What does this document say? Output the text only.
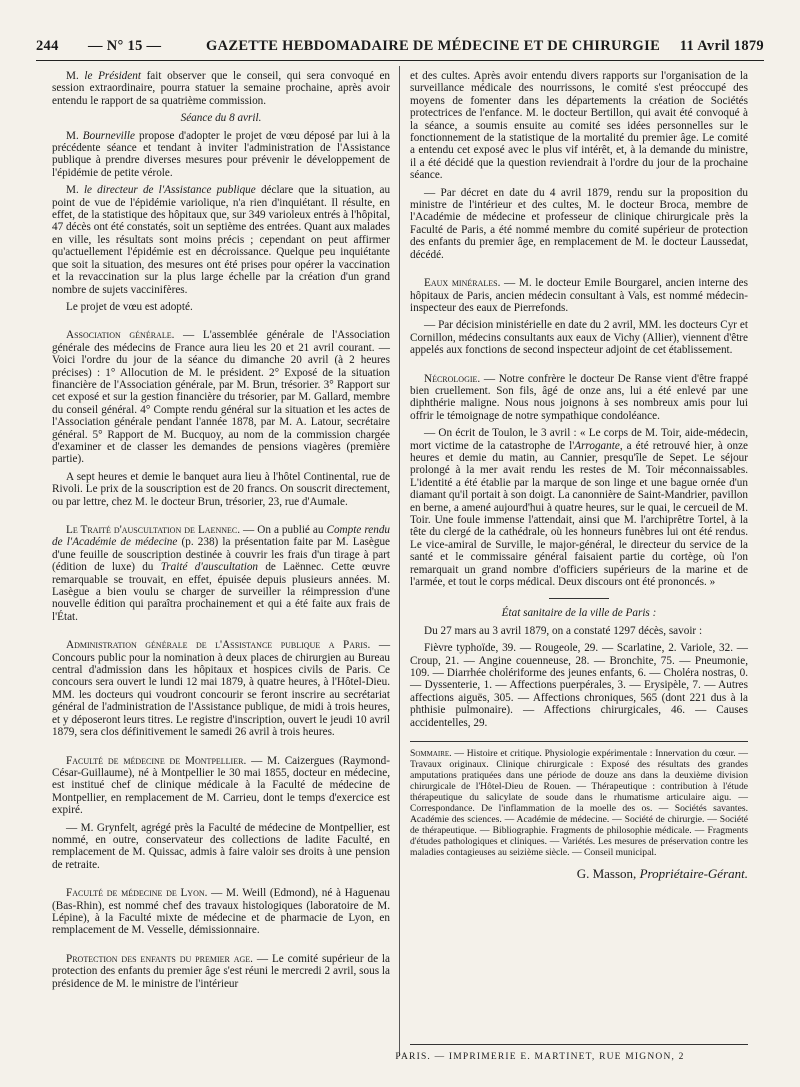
244 — N° 15 —	GAZETTE HEBDOMADAIRE DE MÉDECINE ET DE CHIRURGIE 11 Avril 1879

M. le Président fait observer que le conseil, qui sera convoqué en session extraordinaire, pourra statuer la semaine prochaine, après avoir entendu le rapport de sa quatrième commission.

Séance du 8 avril.

M. Bourneville propose d'adopter le projet de vœu déposé par lui à la précédente séance et tendant à inviter l'administration de l'Assistance publique à prendre diverses mesures pour prévenir le développement de l'épidémie de petite vérole.

M. le directeur de l'Assistance publique déclare que la situation, au point de vue de l'épidémie variolique, n'a rien d'inquiétant. Il résulte, en effet, de la statistique des hôpitaux que, sur 349 varioleux entrés à l'hôpital, 47 décès ont été constatés, soit un septième des entrées. Quant aux malades en ville, les résultats sont moins précis ; cependant on peut affirmer qu'actuellement l'épidémie est en décroissance. Quelque peu inquiétante que soit la situation, des mesures ont été prises pour opérer la vaccination et la revaccination sur la plus large échelle par la création d'un grand nombre de sujets vaccinifères.

Le projet de vœu est adopté.

Association générale. — L'assemblée générale de l'Association générale des médecins de France aura lieu les 20 et 21 avril courant. — Voici l'ordre du jour de la séance du dimanche 20 avril (à 2 heures précises) : 1° Allocution de M. le président. 2° Exposé de la situation financière de l'Association générale, par M. Brun, trésorier. 3° Rapport sur cet exposé et sur la gestion financière du trésorier, par M. Gallard, membre du conseil général. 4° Compte rendu général sur la situation et les actes de l'Association générale pendant l'année 1878, par M. A. Latour, secrétaire général. 5° Rapport de M. Bucquoy, au nom de la commission chargée d'examiner et de classer les demandes de pensions viagères (première partie).

A sept heures et demie le banquet aura lieu à l'hôtel Continental, rue de Rivoli. Le prix de la souscription est de 20 francs. On souscrit directement, ou par lettre, chez M. le docteur Brun, trésorier, 23, rue d'Aumale.

Le Traité d'auscultation de Laennec. — On a publié au Compte rendu de l'Académie de médecine (p. 238) la présentation faite par M. Lasègue d'une feuille de souscription destinée à couvrir les frais d'un tirage à part (édition de luxe) du Traité d'auscultation de Laënnec. Cette œuvre remarquable se trouvait, en effet, épuisée depuis plusieurs années. M. Lasègue a bien voulu se charger de surveiller la réimpression d'une nouvelle édition qui paraîtra prochainement et qui a été faite aux frais de l'État.

Administration générale de l'Assistance publique a Paris. — Concours public pour la nomination à deux places de chirurgien au Bureau central d'admission dans les hôpitaux et hospices civils de Paris. Ce concours sera ouvert le lundi 12 mai 1879, à quatre heures, à l'Hôtel-Dieu. MM. les docteurs qui voudront concourir se feront inscrire au secrétariat général de l'administration de l'Assistance publique, de midi à trois heures, et y déposeront leurs titres. Le registre d'inscription, ouvert le jeudi 10 avril 1879, sera clos définitivement le samedi 26 avril à trois heures.

Faculté de médecine de Montpellier. — M. Caizergues (Raymond-César-Guillaume), né à Montpellier le 30 mai 1855, docteur en médecine, est institué chef de clinique médicale à la Faculté de médecine de Montpellier, en remplacement de M. Carrieu, dont le temps d'exercice est expiré.

— M. Grynfelt, agrégé près la Faculté de médecine de Montpellier, est nommé, en outre, conservateur des collections de ladite Faculté, en remplacement de M. Quissac, admis à faire valoir ses droits à une pension de retraite.

Faculté de médecine de Lyon. — M. Weill (Edmond), né à Haguenau (Bas-Rhin), est nommé chef des travaux histologiques (laboratoire de M. Lépine), à la Faculté mixte de médecine et de pharmacie de Lyon, en remplacement de M. Vesselle, démissionnaire.

Protection des enfants du premier age. — Le comité supérieur de la protection des enfants du premier âge s'est réuni le mercredi 2 avril, sous la présidence de M. le ministre de l'intérieur

et des cultes. Après avoir entendu divers rapports sur l'organisation de la surveillance médicale des nourrissons, le comité s'est préoccupé des moyens de fomenter dans les départements la création de Sociétés protectrices de l'enfance. M. le docteur Bertillon, qui avait été convoqué à la séance, a soumis ensuite au comité ses idées personnelles sur le fonctionnement de la statistique de la mortalité du premier âge. Le comité a entendu cet exposé avec le plus vif intérêt, et, à la demande du ministre, il a été décidé que la question reviendrait à l'ordre du jour de la prochaine séance.

— Par décret en date du 4 avril 1879, rendu sur la proposition du ministre de l'intérieur et des cultes, M. le docteur Broca, membre de l'Académie de médecine et professeur de clinique chirurgicale près la Faculté de Paris, a été nommé membre du comité supérieur de protection des enfants du premier âge, en remplacement de M. le docteur Laussedat, décédé.

Eaux minérales. — M. le docteur Emile Bourgarel, ancien interne des hôpitaux de Paris, ancien médecin consultant à Vals, est nommé médecin-inspecteur des eaux de Pierrefonds.

— Par décision ministérielle en date du 2 avril, MM. les docteurs Cyr et Cornillon, médecins consultants aux eaux de Vichy (Allier), viennent d'être appelés aux fonctions de second inspecteur adjoint de cet établissement.

Nécrologie. — Notre confrère le docteur De Ranse vient d'être frappé bien cruellement. Son fils, âgé de onze ans, lui a été enlevé par une diphthérie maligne. Nous nous joignons à ses nombreux amis pour lui offrir le témoignage de notre sympathique condoléance.

— On écrit de Toulon, le 3 avril : « Le corps de M. Toir, aide-médecin, mort victime de la catastrophe de l'Arrogante, a été retrouvé hier, à onze heures et demie du matin, au Cannier, presqu'île de Sepet. Le séjour prolongé à la mer avait rendu les restes de M. Toir méconnaissables. L'identité a été établie par la marque de son linge et une bague ornée d'un diamant qu'il portait à son doigt. La canonnière de Saint-Mandrier, pavillon en berne, a amené aujourd'hui à quatre heures, sur le quai, le cercueil de M. Toir. Une foule immense l'attendait, ainsi que M. l'archiprêtre Tortel, à la tête du clergé de la cathédrale, où les honneurs funèbres lui ont été rendus. Le vice-amiral de Surville, le major-général, le directeur du service de la santé et le commissaire général faisaient partie du cortège, où l'on remarquait un grand nombre d'officiers supérieurs de la marine et de l'armée, et tout le corps médical. Deux discours ont été prononcés. »

État sanitaire de la ville de Paris :

Du 27 mars au 3 avril 1879, on a constaté 1297 décès, savoir :

Fièvre typhoïde, 39. — Rougeole, 29. — Scarlatine, 2. Variole, 32. — Croup, 21. — Angine couenneuse, 28. — Bronchite, 75. — Pneumonie, 109. — Diarrhée cholériforme des jeunes enfants, 6. — Choléra nostras, 0. — Dyssenterie, 1. — Affections puerpérales, 3. — Erysipèle, 7. — Autres affections aiguës, 305. — Affections chroniques, 565 (dont 221 dus à la phthisie pulmonaire). — Affections chirurgicales, 46. — Causes accidentelles, 29.

Sommaire. — Histoire et critique. Physiologie expérimentale : Innervation du cœur. — Travaux originaux. Clinique chirurgicale : Exposé des résultats des grandes amputations pratiquées dans une période de douze ans dans la deuxième division chirurgicale de l'Hôtel-Dieu de Rouen. — Thérapeutique : contribution à l'étude thérapeutique du salicylate de soude dans le rhumatisme articulaire aigu. — Correspondance. De l'inflammation de la moelle des os. — Sociétés savantes. Académie des sciences. — Académie de médecine. — Société de chirurgie. — Société de thérapeutique. — Bibliographie. Fragments de philosophie médicale. — Fragments d'études pathologiques et cliniques. — Variétés. Les mesures de préservation contre les maladies contagieuses au seizième siècle. — Conseil municipal.
G. Masson, Propriétaire-Gérant.
PARIS. — IMPRIMERIE E. MARTINET, RUE MIGNON, 2
